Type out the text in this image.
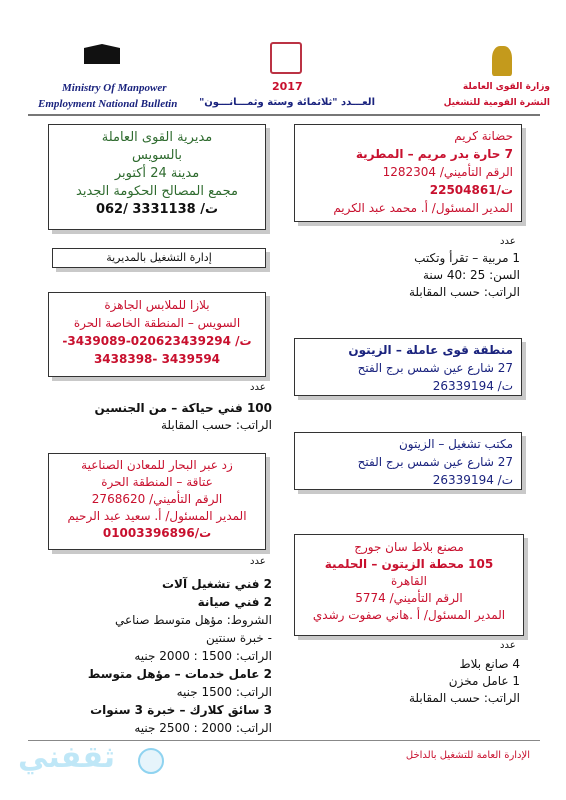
Ministry Of Manpower
Employment National Bulletin
2017
العـــدد "ثلاثمائة وستة وثمـــانـــون"
وزارة القوى العاملة
النشرة القومية للتشغيل

مديرية القوى العاملة

بالسويس

مدينة 24 أكتوبر

مجمع المصالح الحكومة الجديد

ت/ 3331138 /062

إدارة التشغيل بالمديرية

بلازا للملابس الجاهزة

السويس – المنطقة الخاصة الحرة

ت/ 020623439294-3439089-

3439594 -3438398

عدد

100 فني حياكة – من الجنسين

الراتب: حسب المقابلة

زد عبر البحار للمعادن الصناعية

عتاقة – المنطقة الحرة

الرقم التأميني/ 2768620

المدير المسئول/ أ. سعيد عبد الرحيم

ت/01003396896

عدد

2 فني تشغيل آلات

2 فني صيانة

الشروط: مؤهل متوسط صناعي

- خبرة سنتين

الراتب: 1500 : 2000 جنيه

2 عامل خدمات – مؤهل متوسط

الراتب: 1500 جنيه

3 سائق كلارك – خبرة 3 سنوات

الراتب: 2000 : 2500 جنيه

حضانة كريم

7 حارة بدر مريم – المطرية

الرقم التأميني/ 1282304

ت/22504861

المدير المسئول/ أ. محمد عبد الكريم

عدد

1 مربية – تقرأ وتكتب

السن: 25 :40 سنة

الراتب: حسب المقابلة

منطقة قوى عاملة – الزيتون

27 شارع عين شمس برج الفتح

ت/ 26339194

مكتب تشغيل – الزيتون

27 شارع عين شمس برج الفتح

ت/ 26339194

مصنع بلاط سان جورج

105 محطة الزيتون – الحلمية

القاهرة

الرقم التأميني/ 5774

المدير المسئول/ أ .هاني صفوت رشدي

عدد

4 صانع بلاط

1 عامل مخزن

الراتب: حسب المقابلة

الإدارة العامة للتشغيل بالداخل
ثقفني
